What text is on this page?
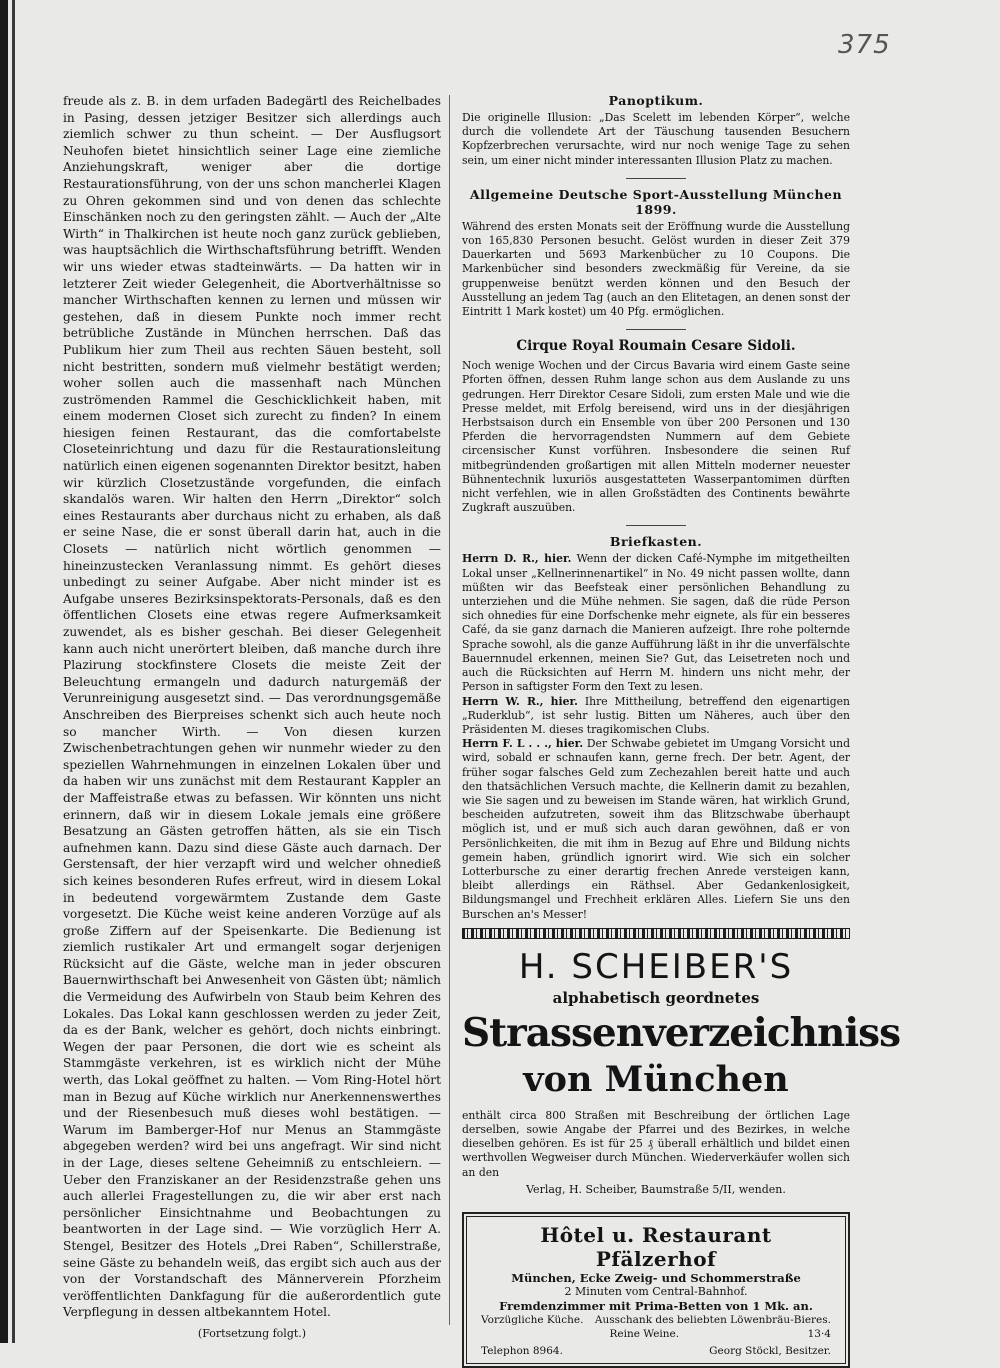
375

freude als z. B. in dem urfaden Badegärtl des Reichelbades in Pasing, dessen jetziger Besitzer sich allerdings auch ziemlich schwer zu thun scheint. — Der Ausflugsort Neuhofen bietet hinsichtlich seiner Lage eine ziemliche Anziehungskraft, weniger aber die dortige Restaurationsführung, von der uns schon mancherlei Klagen zu Ohren gekommen sind und von denen das schlechte Einschänken noch zu den geringsten zählt. — Auch der „Alte Wirth“ in Thalkirchen ist heute noch ganz zurück geblieben, was hauptsächlich die Wirthschaftsführung betrifft. Wenden wir uns wieder etwas stadteinwärts. — Da hatten wir in letzterer Zeit wieder Gelegenheit, die Abortverhältnisse so mancher Wirthschaften kennen zu lernen und müssen wir gestehen, daß in diesem Punkte noch immer recht betrübliche Zustände in München herrschen. Daß das Publikum hier zum Theil aus rechten Säuen besteht, soll nicht bestritten, sondern muß vielmehr bestätigt werden; woher sollen auch die massenhaft nach München zuströmenden Rammel die Geschicklichkeit haben, mit einem modernen Closet sich zurecht zu finden? In einem hiesigen feinen Restaurant, das die comfortabelste Closeteinrichtung und dazu für die Restaurationsleitung natürlich einen eigenen sogenannten Direktor besitzt, haben wir kürzlich Closetzustände vorgefunden, die einfach skandalös waren. Wir halten den Herrn „Direktor“ solch eines Restaurants aber durchaus nicht zu erhaben, als daß er seine Nase, die er sonst überall darin hat, auch in die Closets — natürlich nicht wörtlich genommen — hineinzustecken Veranlassung nimmt. Es gehört dieses unbedingt zu seiner Aufgabe. Aber nicht minder ist es Aufgabe unseres Bezirksinspektorats-Personals, daß es den öffentlichen Closets eine etwas regere Aufmerksamkeit zuwendet, als es bisher geschah. Bei dieser Gelegenheit kann auch nicht unerörtert bleiben, daß manche durch ihre Plazirung stockfinstere Closets die meiste Zeit der Beleuchtung ermangeln und dadurch naturgemäß der Verunreinigung ausgesetzt sind. — Das verordnungsgemäße Anschreiben des Bierpreises schenkt sich auch heute noch so mancher Wirth. — Von diesen kurzen Zwischenbetrachtungen gehen wir nunmehr wieder zu den speziellen Wahrnehmungen in einzelnen Lokalen über und da haben wir uns zunächst mit dem Restaurant Kappler an der Maffeistraße etwas zu befassen. Wir könnten uns nicht erinnern, daß wir in diesem Lokale jemals eine größere Besatzung an Gästen getroffen hätten, als sie ein Tisch aufnehmen kann. Dazu sind diese Gäste auch darnach. Der Gerstensaft, der hier verzapft wird und welcher ohnedieß sich keines besonderen Rufes erfreut, wird in diesem Lokal in bedeutend vorgewärmtem Zustande dem Gaste vorgesetzt. Die Küche weist keine anderen Vorzüge auf als große Ziffern auf der Speisenkarte. Die Bedienung ist ziemlich rustikaler Art und ermangelt sogar derjenigen Rücksicht auf die Gäste, welche man in jeder obscuren Bauernwirthschaft bei Anwesenheit von Gästen übt; nämlich die Vermeidung des Aufwirbeln von Staub beim Kehren des Lokales. Das Lokal kann geschlossen werden zu jeder Zeit, da es der Bank, welcher es gehört, doch nichts einbringt. Wegen der paar Personen, die dort wie es scheint als Stammgäste verkehren, ist es wirklich nicht der Mühe werth, das Lokal geöffnet zu halten. — Vom Ring-Hotel hört man in Bezug auf Küche wirklich nur Anerkennenswerthes und der Riesenbesuch muß dieses wohl bestätigen. — Warum im Bamberger-Hof nur Menus an Stammgäste abgegeben werden? wird bei uns angefragt. Wir sind nicht in der Lage, dieses seltene Geheimniß zu entschleiern. — Ueber den Franziskaner an der Residenzstraße gehen uns auch allerlei Fragestellungen zu, die wir aber erst nach persönlicher Einsichtnahme und Beobachtungen zu beantworten in der Lage sind. — Wie vorzüglich Herr A. Stengel, Besitzer des Hotels „Drei Raben“, Schillerstraße, seine Gäste zu behandeln weiß, das ergibt sich auch aus der von der Vorstandschaft des Männerverein Pforzheim veröffentlichten Dankfagung für die außerordentlich gute Verpflegung in dessen altbekanntem Hotel.

(Fortsetzung folgt.)
Panoptikum.

Die originelle Illusion: „Das Scelett im lebenden Körper“, welche durch die vollendete Art der Täuschung tausenden Besuchern Kopfzerbrechen verursachte, wird nur noch wenige Tage zu sehen sein, um einer nicht minder interessanten Illusion Platz zu machen.

Allgemeine Deutsche Sport-Ausstellung München 1899.

Während des ersten Monats seit der Eröffnung wurde die Ausstellung von 165,830 Personen besucht. Gelöst wurden in dieser Zeit 379 Dauerkarten und 5693 Markenbücher zu 10 Coupons. Die Markenbücher sind besonders zweckmäßig für Vereine, da sie gruppenweise benützt werden können und den Besuch der Ausstellung an jedem Tag (auch an den Elitetagen, an denen sonst der Eintritt 1 Mark kostet) um 40 Pfg. ermöglichen.

Cirque Royal Roumain Cesare Sidoli.

Noch wenige Wochen und der Circus Bavaria wird einem Gaste seine Pforten öffnen, dessen Ruhm lange schon aus dem Auslande zu uns gedrungen. Herr Direktor Cesare Sidoli, zum ersten Male und wie die Presse meldet, mit Erfolg bereisend, wird uns in der diesjährigen Herbstsaison durch ein Ensemble von über 200 Personen und 130 Pferden die hervorragendsten Nummern auf dem Gebiete circensischer Kunst vorführen. Insbesondere die seinen Ruf mitbegründenden großartigen mit allen Mitteln moderner neuester Bühnentechnik luxuriös ausgestatteten Wasserpantomimen dürften nicht verfehlen, wie in allen Großstädten des Continents bewährte Zugkraft auszuüben.

Briefkasten.

Herrn D. R., hier. Wenn der dicken Café-Nymphe im mitgetheilten Lokal unser „Kellnerinnenartikel“ in No. 49 nicht passen wollte, dann müßten wir das Beefsteak einer persönlichen Behandlung zu unterziehen und die Mühe nehmen. Sie sagen, daß die rüde Person sich ohnedies für eine Dorfschenke mehr eignete, als für ein besseres Café, da sie ganz darnach die Manieren aufzeigt. Ihre rohe polternde Sprache sowohl, als die ganze Aufführung läßt in ihr die unverfälschte Bauernnudel erkennen, meinen Sie? Gut, das Leisetreten noch und auch die Rücksichten auf Herrn M. hindern uns nicht mehr, der Person in saftigster Form den Text zu lesen.

Herrn W. R., hier. Ihre Mittheilung, betreffend den eigenartigen „Ruderklub“, ist sehr lustig. Bitten um Näheres, auch über den Präsidenten M. dieses tragikomischen Clubs.

Herrn F. L . . ., hier. Der Schwabe gebietet im Umgang Vorsicht und wird, sobald er schnaufen kann, gerne frech. Der betr. Agent, der früher sogar falsches Geld zum Zechezahlen bereit hatte und auch den thatsächlichen Versuch machte, die Kellnerin damit zu bezahlen, wie Sie sagen und zu beweisen im Stande wären, hat wirklich Grund, bescheiden aufzutreten, soweit ihm das Blitzschwabe überhaupt möglich ist, und er muß sich auch daran gewöhnen, daß er von Persönlichkeiten, die mit ihm in Bezug auf Ehre und Bildung nichts gemein haben, gründlich ignorirt wird. Wie sich ein solcher Lotterbursche zu einer derartig frechen Anrede versteigen kann, bleibt allerdings ein Räthsel. Aber Gedankenlosigkeit, Bildungsmangel und Frechheit erklären Alles. Liefern Sie uns den Burschen an's Messer!

H. SCHEIBER'S
alphabetisch geordnetes
Strassenverzeichniss
von München

enthält circa 800 Straßen mit Beschreibung der örtlichen Lage derselben, sowie Angabe der Pfarrei und des Bezirkes, in welche dieselben gehören. Es ist für 25 ₰ überall erhältlich und bildet einen werthvollen Wegweiser durch München. Wiederverkäufer wollen sich an den

Verlag, H. Scheiber, Baumstraße 5/II, wenden.

Hôtel u. Restaurant Pfälzerhof
München, Ecke Zweig- und Schommerstraße
2 Minuten vom Central-Bahnhof.
Fremdenzimmer mit Prima-Betten von 1 Mk. an.
Vorzügliche Küche. Ausschank des beliebten Löwenbräu-Bieres.
Reine Weine.	13·4
Telephon 8964.	Georg Stöckl, Besitzer.
